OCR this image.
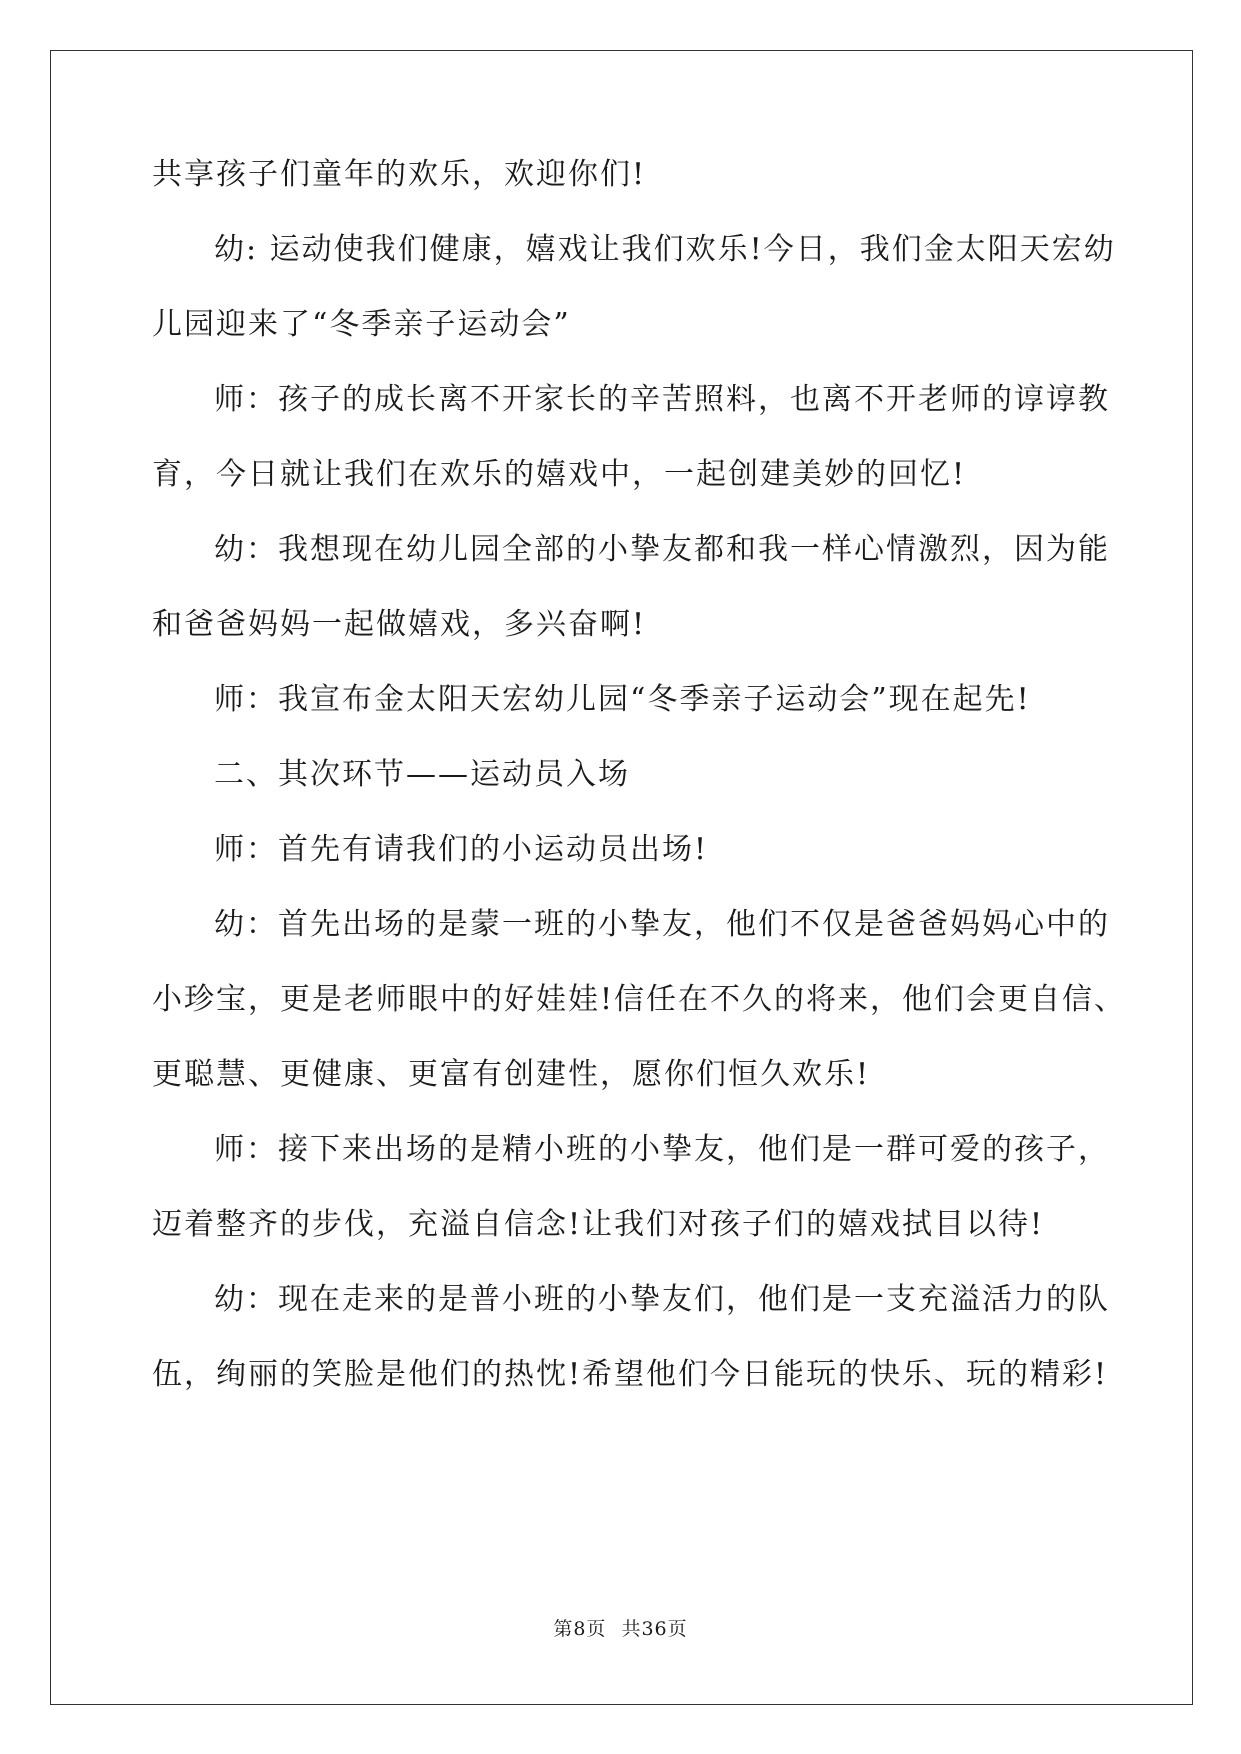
共享孩子们童年的欢乐，欢迎你们!

幼: 运动使我们健康，嬉戏让我们欢乐!今日，我们金太阳天宏幼

儿园迎来了“冬季亲子运动会”

师：孩子的成长离不开家长的辛苦照料，也离不开老师的谆谆教

育，今日就让我们在欢乐的嬉戏中，一起创建美妙的回忆!

幼：我想现在幼儿园全部的小挚友都和我一样心情激烈，因为能

和爸爸妈妈一起做嬉戏，多兴奋啊!

师：我宣布金太阳天宏幼儿园“冬季亲子运动会”现在起先!

二、其次环节——运动员入场

师：首先有请我们的小运动员出场!

幼：首先出场的是蒙一班的小挚友，他们不仅是爸爸妈妈心中的

小珍宝，更是老师眼中的好娃娃!信任在不久的将来，他们会更自信、

更聪慧、更健康、更富有创建性，愿你们恒久欢乐!

师：接下来出场的是精小班的小挚友，他们是一群可爱的孩子，

迈着整齐的步伐，充溢自信念!让我们对孩子们的嬉戏拭目以待!

幼：现在走来的是普小班的小挚友们，他们是一支充溢活力的队

伍，绚丽的笑脸是他们的热忱!希望他们今日能玩的快乐、玩的精彩!

第8页 共36页
